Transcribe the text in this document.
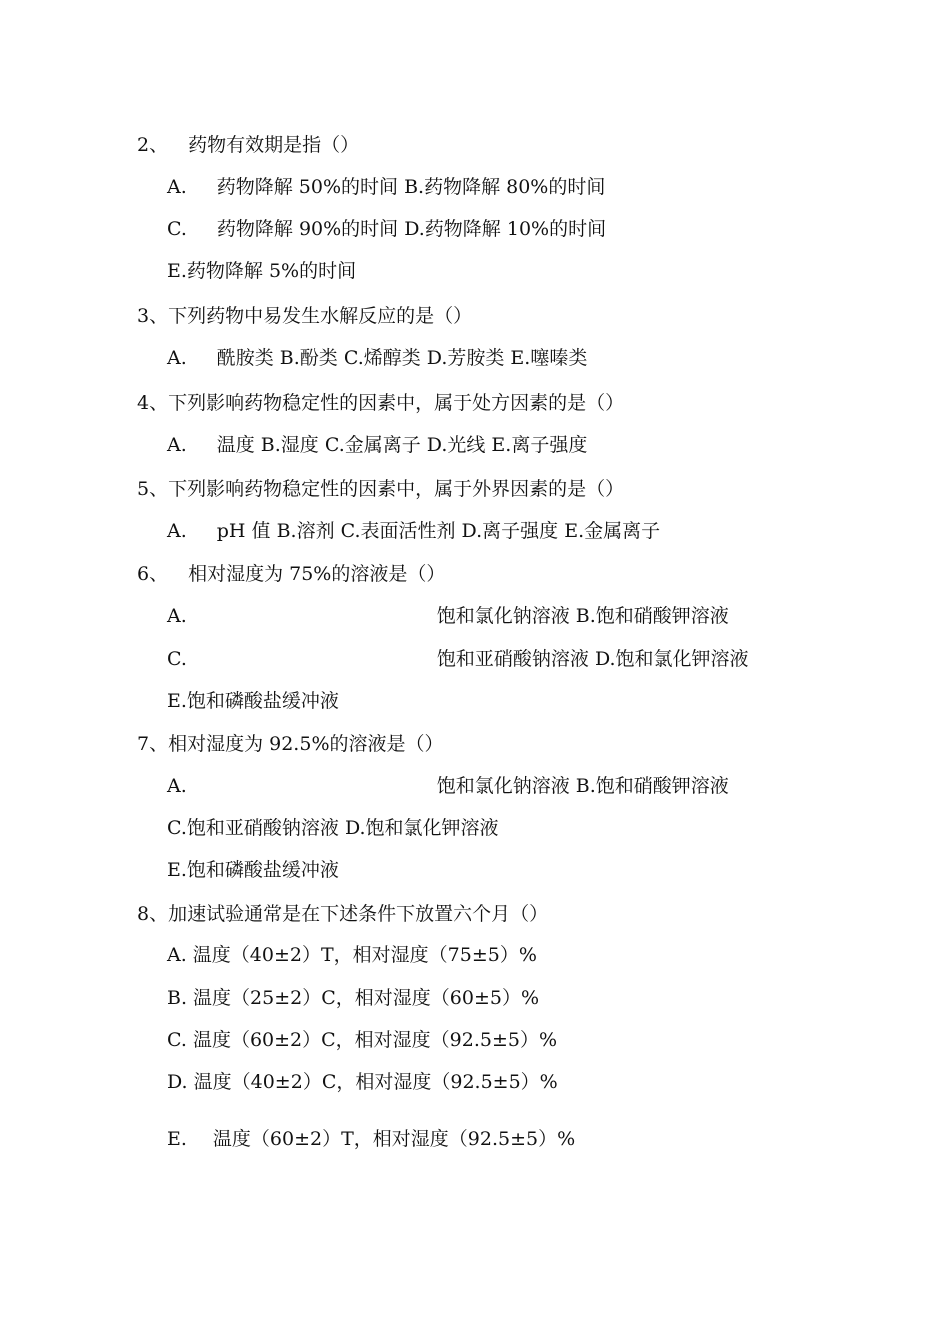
2、 药物有效期是指（）
A. 药物降解 50%的时间 B.药物降解 80%的时间
C. 药物降解 90%的时间 D.药物降解 10%的时间
E.药物降解 5%的时间
3、下列药物中易发生水解反应的是（）
A. 酰胺类 B.酚类 C.烯醇类 D.芳胺类 E.噻嗪类
4、下列影响药物稳定性的因素中，属于处方因素的是（）
A. 温度 B.湿度 C.金属离子 D.光线 E.离子强度
5、下列影响药物稳定性的因素中，属于外界因素的是（）
A. pH 值 B.溶剂 C.表面活性剂 D.离子强度 E.金属离子
6、 相对湿度为 75%的溶液是（）
A.	饱和氯化钠溶液 B.饱和硝酸钾溶液
C.	饱和亚硝酸钠溶液 D.饱和氯化钾溶液
E.饱和磷酸盐缓冲液
7、相对湿度为 92.5%的溶液是（）
A.	饱和氯化钠溶液 B.饱和硝酸钾溶液
C.饱和亚硝酸钠溶液 D.饱和氯化钾溶液
E.饱和磷酸盐缓冲液
8、加速试验通常是在下述条件下放置六个月（）
A. 温度（40±2）T，相对湿度（75±5）%
B. 温度（25±2）C，相对湿度（60±5）%
C. 温度（60±2）C，相对湿度（92.5±5）%
D. 温度（40±2）C，相对湿度（92.5±5）%
E. 温度（60±2）T，相对湿度（92.5±5）%
